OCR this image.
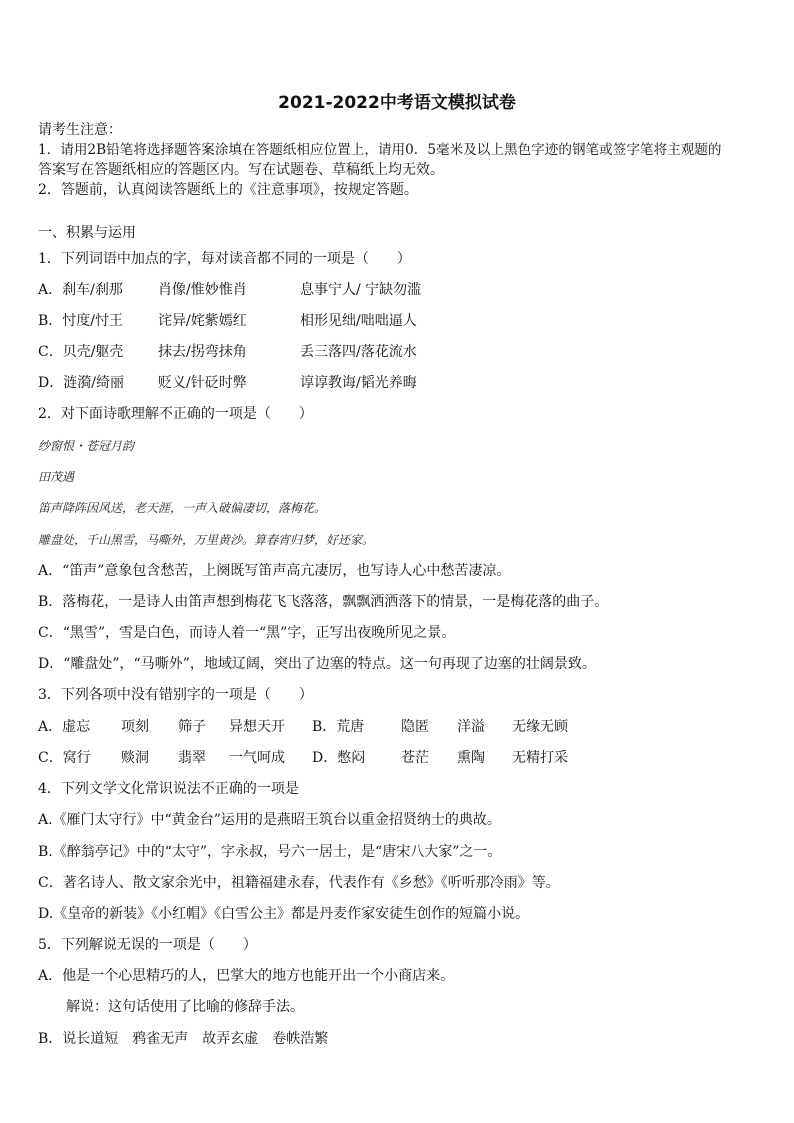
2021-2022中考语文模拟试卷
请考生注意：
1．请用2B铅笔将选择题答案涂填在答题纸相应位置上，请用0．5毫米及以上黑色字迹的钢笔或签字笔将主观题的
答案写在答题纸相应的答题区内。写在试题卷、草稿纸上均无效。
2．答题前，认真阅读答题纸上的《注意事项》，按规定答题。
一、积累与运用
1．下列词语中加点的字，每对读音都不同的一项是（　　）
A．刹车/刹那	肖像/惟妙惟肖	息事宁人/ 宁缺勿滥
B．忖度/忖王 诧异/姹紫嫣红	相形见绌/咄咄逼人
C．贝壳/躯壳 抹去/拐弯抹角	丢三落四/落花流水
D．涟漪/绮丽 贬义/针砭时弊	谆谆教诲/韬光养晦
2．对下面诗歌理解不正确的一项是（　　）
纱窗恨・苍冠月韵
田茂遇
笛声降阵因风送，老天涯，一声入破偏凄切，落梅花。
雕盘处，千山黑雪，马嘶外，万里黄沙。算春宵归梦，好还家。
A．“笛声”意象包含愁苦，上阕既写笛声高亢凄厉，也写诗人心中愁苦凄凉。
B．落梅花，一是诗人由笛声想到梅花飞飞落落，飘飘洒洒落下的情景，一是梅花落的曲子。
C．“黑雪”，雪是白色，而诗人着一“黑”字，正写出夜晚所见之景。
D．“雕盘处”，“马嘶外”，地域辽阔，突出了边塞的特点。这一句再现了边塞的壮阔景致。
3．下列各项中没有错别字的一项是（　　）
A．虚忘 项刻 筛子 异想天开 B．荒唐	隐匿 洋溢 无缘无顾
C．窝行 赕洞 翡翠 一气呵成 D．憋闷	苍茫 熏陶 无精打采
4．下列文学文化常识说法不正确的一项是
A.《雁门太守行》中“黄金台”运用的是燕昭王筑台以重金招贤纳士的典故。
B.《醉翁亭记》中的“太守”，字永叔，号六一居士，是“唐宋八大家”之一。
C．著名诗人、散文家余光中，祖籍福建永春，代表作有《乡愁》《听听那冷雨》等。
D.《皇帝的新装》《小红帽》《白雪公主》都是丹麦作家安徒生创作的短篇小说。
5．下列解说无误的一项是（　　）
A．他是一个心思精巧的人，巴掌大的地方也能开出一个小商店来。
解说：这句话使用了比喻的修辞手法。
B．说长道短　鸦雀无声　故弄玄虚　卷帙浩繁
